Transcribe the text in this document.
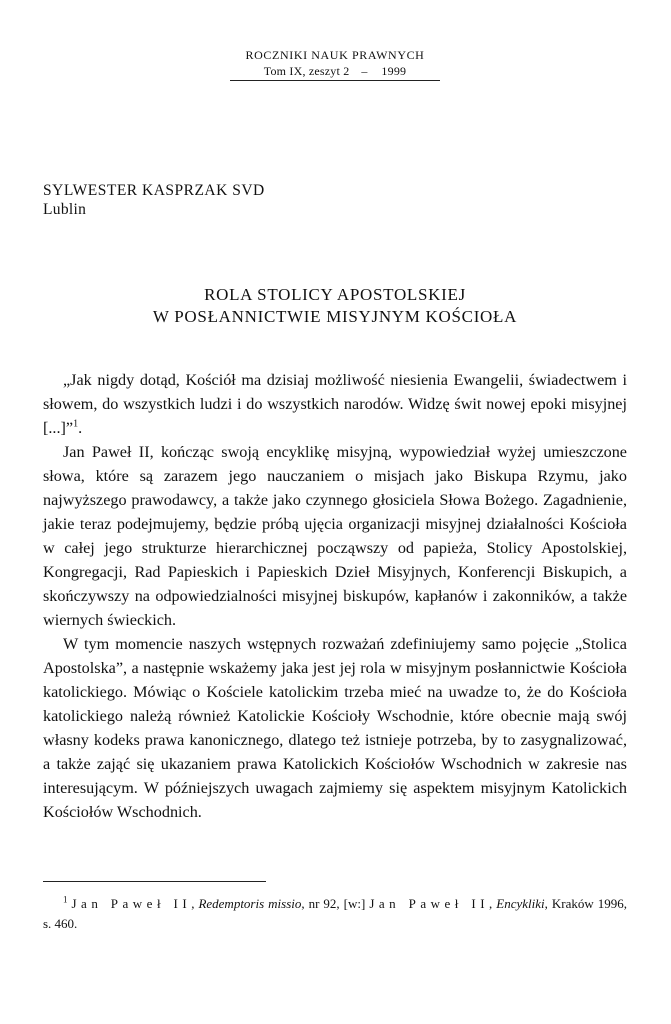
ROCZNIKI NAUK PRAWNYCH
Tom IX, zeszyt 2 – 1999
SYLWESTER KASPRZAK SVD
Lublin
ROLA STOLICY APOSTOLSKIEJ
W POSŁANNICTWIE MISYJNYM KOŚCIOŁA

„Jak nigdy dotąd, Kościół ma dzisiaj możliwość niesienia Ewangelii, świadectwem i słowem, do wszystkich ludzi i do wszystkich narodów. Widzę świt nowej epoki misyjnej [...]”$^1$.

Jan Paweł II, kończąc swoją encyklikę misyjną, wypowiedział wyżej umieszczone słowa, które są zarazem jego nauczaniem o misjach jako Biskupa Rzymu, jako najwyższego prawodawcy, a także jako czynnego głosiciela Słowa Bożego. Zagadnienie, jakie teraz podejmujemy, będzie próbą ujęcia organizacji misyjnej działalności Kościoła w całej jego strukturze hierarchicznej począwszy od papieża, Stolicy Apostolskiej, Kongregacji, Rad Papieskich i Papieskich Dzieł Misyjnych, Konferencji Biskupich, a skończywszy na odpowiedzialności misyjnej biskupów, kapłanów i zakonników, a także wiernych świeckich.

W tym momencie naszych wstępnych rozważań zdefiniujemy samo pojęcie „Stolica Apostolska”, a następnie wskażemy jaka jest jej rola w misyjnym posłannictwie Kościoła katolickiego. Mówiąc o Kościele katolickim trzeba mieć na uwadze to, że do Kościoła katolickiego należą również Katolickie Kościoły Wschodnie, które obecnie mają swój własny kodeks prawa kanonicznego, dlatego też istnieje potrzeba, by to zasygnalizować, a także zająć się ukazaniem prawa Katolickich Kościołów Wschodnich w zakresie nas interesującym. W późniejszych uwagach zajmiemy się aspektem misyjnym Katolickich Kościołów Wschodnich.

$^1$ Jan Paweł II, Redemptoris missio, nr 92, [w:] Jan Paweł II, Encykliki, Kraków 1996, s. 460.
